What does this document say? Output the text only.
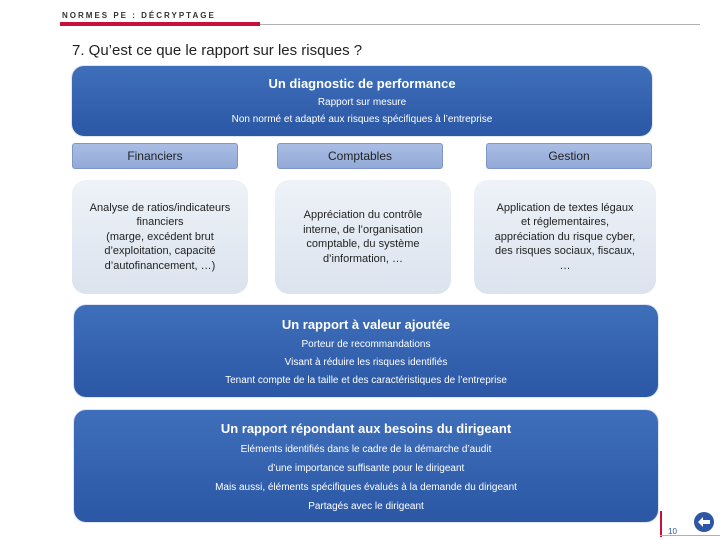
NORMES PE : DÉCRYPTAGE
7. Qu’est ce que le rapport sur les risques ?
Un diagnostic de performance
Rapport sur mesure
Non normé et adapté aux risques spécifiques à l’entreprise
Financiers	Comptables	Gestion
Analyse de ratios/indicateurs
financiers
(marge, excédent brut
d’exploitation, capacité
d’autofinancement, …)
Appréciation du contrôle
interne, de l’organisation
comptable, du système
d’information, …
Application de textes légaux
et réglementaires,
appréciation du risque cyber,
des risques sociaux, fiscaux,
…
Un rapport à valeur ajoutée
Porteur de recommandations
Visant à réduire les risques identifiés
Tenant compte de la taille et des caractéristiques de l’entreprise
Un rapport répondant aux besoins du dirigeant
Eléments identifiés dans le cadre de la démarche d’audit
d’une importance suffisante pour le dirigeant
Mais aussi, éléments spécifiques évalués à la demande du dirigeant
Partagés avec le dirigeant
10
